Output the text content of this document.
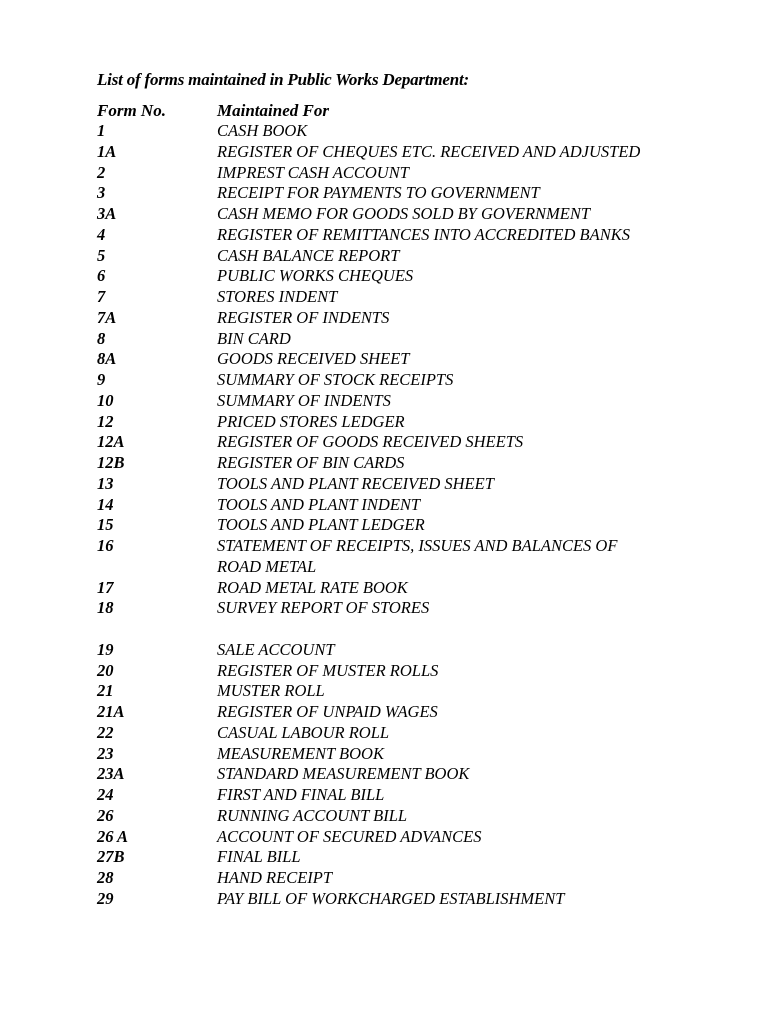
List of forms maintained in Public Works Department:
Form No.	Maintained For
1	CASH BOOK
1A	REGISTER OF CHEQUES ETC. RECEIVED AND ADJUSTED
2	IMPREST CASH ACCOUNT
3	RECEIPT FOR PAYMENTS TO GOVERNMENT
3A	CASH MEMO FOR GOODS SOLD BY GOVERNMENT
4	REGISTER OF REMITTANCES INTO ACCREDITED BANKS
5	CASH BALANCE REPORT
6	PUBLIC WORKS CHEQUES
7	STORES INDENT
7A	REGISTER OF INDENTS
8	BIN CARD
8A	GOODS RECEIVED SHEET
9	SUMMARY OF STOCK RECEIPTS
10	SUMMARY OF INDENTS
12	PRICED STORES LEDGER
12A	REGISTER OF GOODS RECEIVED SHEETS
12B	REGISTER OF BIN CARDS
13	TOOLS AND PLANT RECEIVED SHEET
14	TOOLS AND PLANT INDENT
15	TOOLS AND PLANT LEDGER
16	STATEMENT OF RECEIPTS, ISSUES AND BALANCES OF ROAD METAL
17	ROAD METAL RATE BOOK
18	SURVEY REPORT OF STORES
19	SALE ACCOUNT
20	REGISTER OF MUSTER ROLLS
21	MUSTER ROLL
21A	REGISTER OF UNPAID WAGES
22	CASUAL LABOUR ROLL
23	MEASUREMENT BOOK
23A	STANDARD MEASUREMENT BOOK
24	FIRST AND FINAL BILL
26	RUNNING ACCOUNT BILL
26 A	ACCOUNT OF SECURED ADVANCES
27B	FINAL BILL
28	HAND RECEIPT
29	PAY BILL OF WORKCHARGED ESTABLISHMENT
